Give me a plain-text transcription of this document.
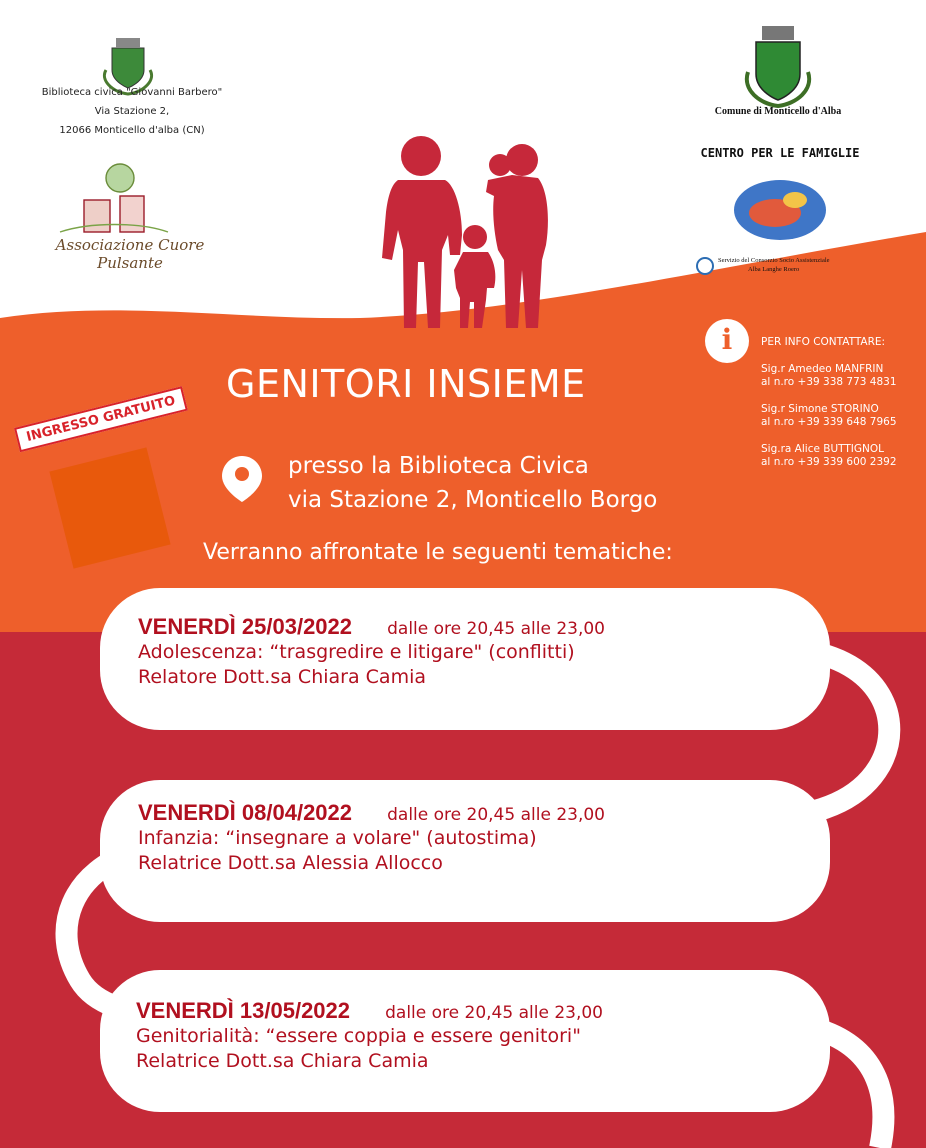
Biblioteca civica "Giovanni Barbero"
Via Stazione 2,
12066 Monticello d'alba (CN)
Associazione Cuore Pulsante
Comune di Monticello d'Alba
CENTRO PER LE FAMIGLIE
Servizio del Consorzio Socio Assistenziale
Alba Langhe Roero
i	PER INFO CONTATTARE:
Sig.r Amedeo MANFRIN
al n.ro +39 338 773 4831
Sig.r Simone STORINO
al n.ro +39 339 648 7965
Sig.ra Alice BUTTIGNOL
al n.ro +39 339 600 2392
GENITORI INSIEME
INGRESSO GRATUITO
presso la Biblioteca Civica
via Stazione 2, Monticello Borgo
Verranno affrontate le seguenti tematiche:
VENERDÌ 25/03/2022 dalle ore 20,45 alle 23,00
Adolescenza: “trasgredire e litigare" (conflitti)
Relatore Dott.sa Chiara Camia
VENERDÌ 08/04/2022 dalle ore 20,45 alle 23,00
Infanzia: “insegnare a volare" (autostima)
Relatrice Dott.sa Alessia Allocco
VENERDÌ 13/05/2022 dalle ore 20,45 alle 23,00
Genitorialità: “essere coppia e essere genitori"
Relatrice Dott.sa Chiara Camia
